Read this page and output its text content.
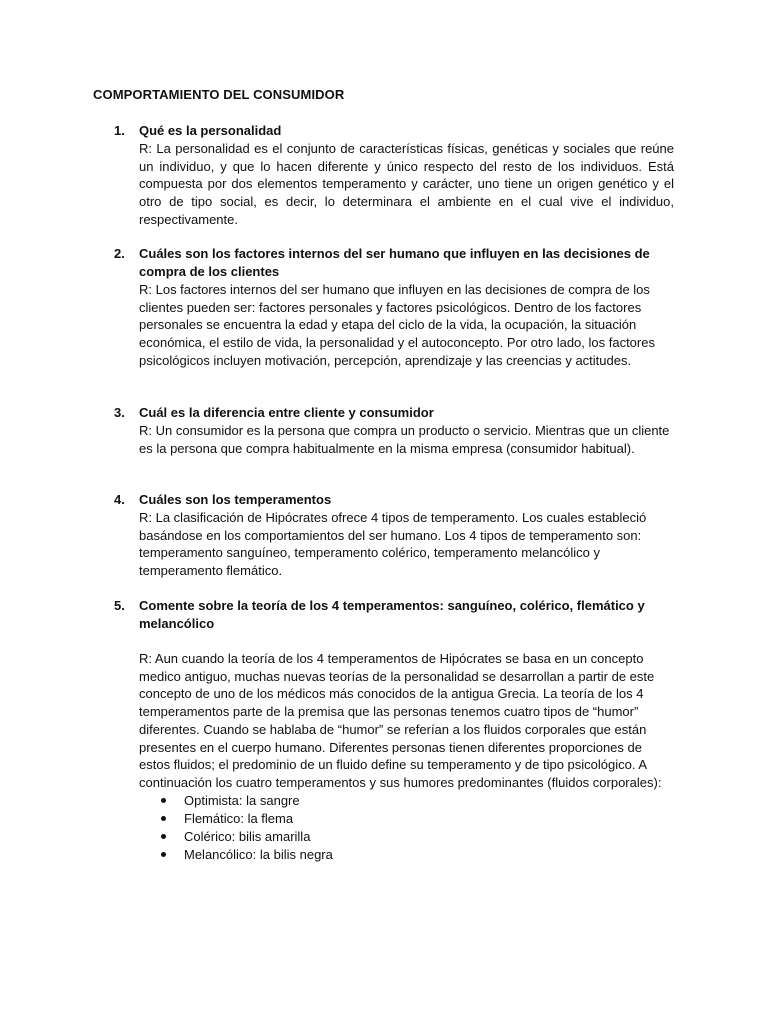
COMPORTAMIENTO DEL CONSUMIDOR
1.	Qué es la personalidad

R: La personalidad es el conjunto de características físicas, genéticas y sociales que reúne un individuo, y que lo hacen diferente y único respecto del resto de los individuos. Está compuesta por dos elementos temperamento y carácter, uno tiene un origen genético y el otro de tipo social, es decir, lo determinara el ambiente en el cual vive el individuo, respectivamente.

2.	Cuáles son los factores internos del ser humano que influyen en las decisiones de compra de los clientes

R: Los factores internos del ser humano que influyen en las decisiones de compra de los clientes pueden ser: factores personales y factores psicológicos. Dentro de los factores personales se encuentra la edad y etapa del ciclo de la vida, la ocupación, la situación económica, el estilo de vida, la personalidad y el autoconcepto. Por otro lado, los factores psicológicos incluyen motivación, percepción, aprendizaje y las creencias y actitudes.

3.	Cuál es la diferencia entre cliente y consumidor

R: Un consumidor es la persona que compra un producto o servicio. Mientras que un cliente es la persona que compra habitualmente en la misma empresa (consumidor habitual).

4.	Cuáles son los temperamentos

R: La clasificación de Hipócrates ofrece 4 tipos de temperamento. Los cuales estableció basándose en los comportamientos del ser humano. Los 4 tipos de temperamento son: temperamento sanguíneo, temperamento colérico, temperamento melancólico y temperamento flemático.

5.	Comente sobre la teoría de los 4 temperamentos: sanguíneo, colérico, flemático y melancólico

R: Aun cuando la teoría de los 4 temperamentos de Hipócrates se basa en un concepto medico antiguo, muchas nuevas teorías de la personalidad se desarrollan a partir de este concepto de uno de los médicos más conocidos de la antigua Grecia. La teoría de los 4 temperamentos parte de la premisa que las personas tenemos cuatro tipos de “humor” diferentes. Cuando se hablaba de “humor” se referían a los fluidos corporales que están presentes en el cuerpo humano. Diferentes personas tienen diferentes proporciones de estos fluidos; el predominio de un fluido define su temperamento y de tipo psicológico. A continuación los cuatro temperamentos y sus humores predominantes (fluidos corporales):

Optimista: la sangre
Flemático: la flema
Colérico: bilis amarilla
Melancólico: la bilis negra
